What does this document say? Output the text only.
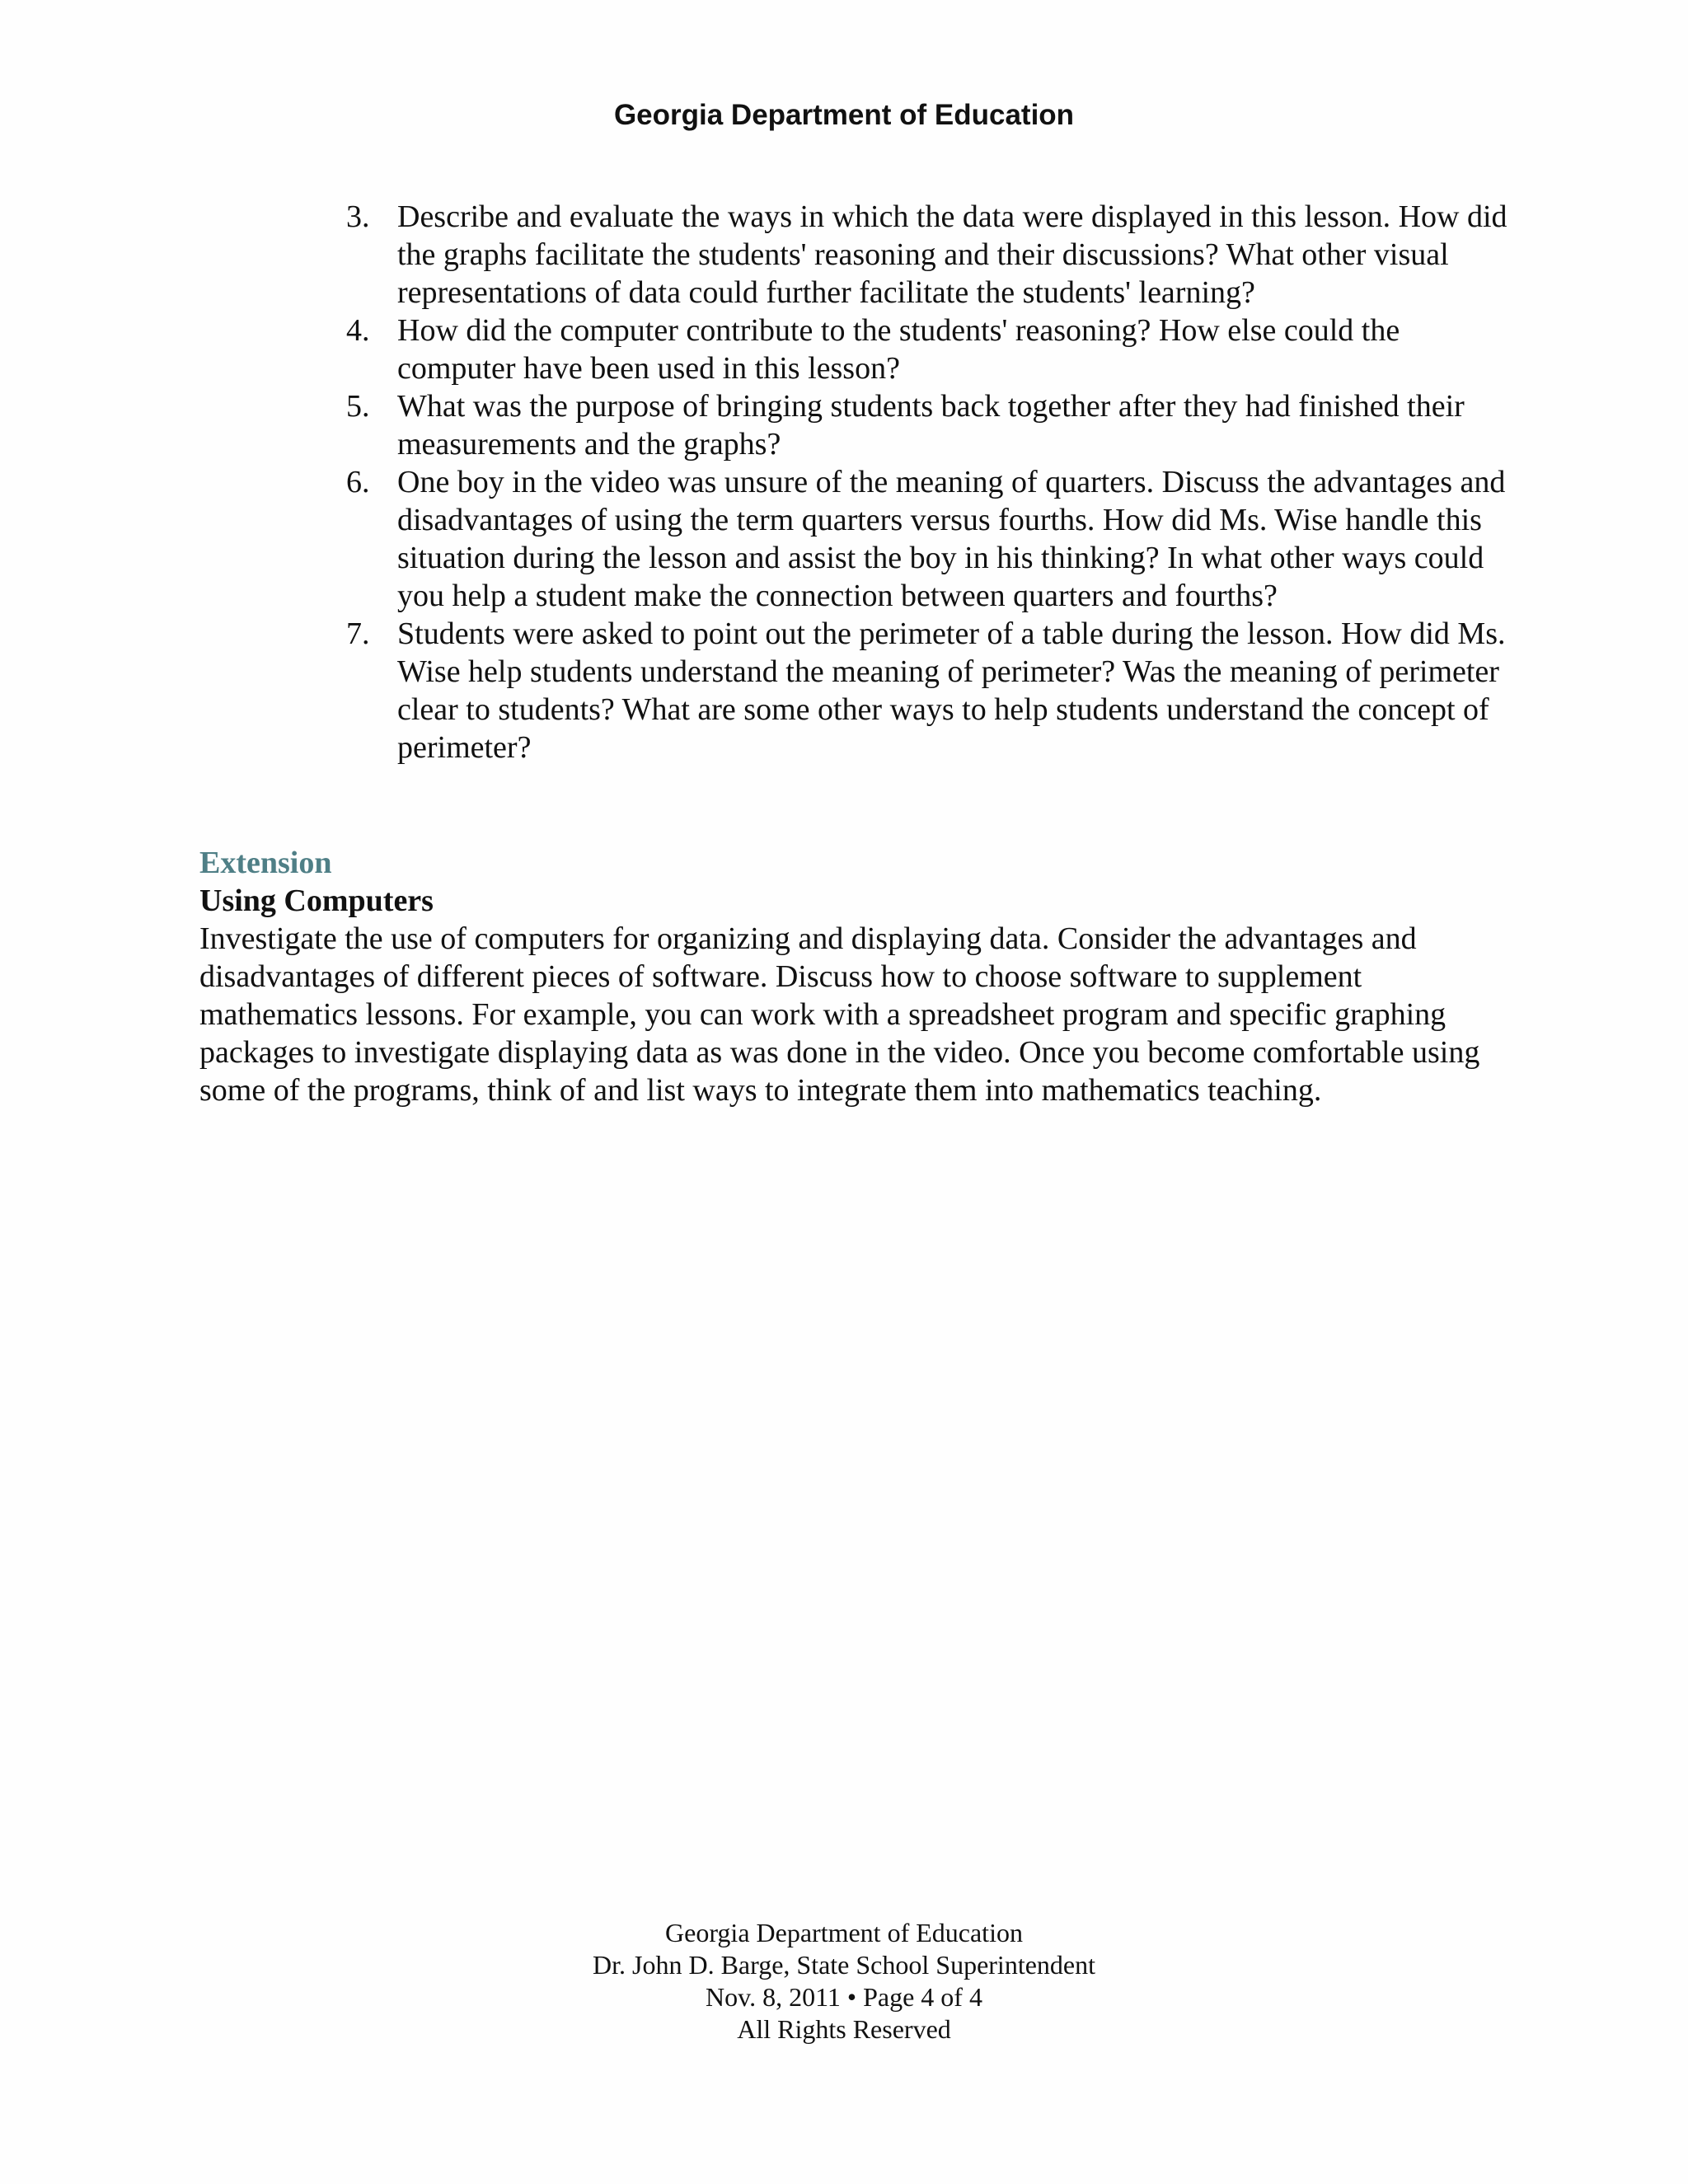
Georgia Department of Education
3. Describe and evaluate the ways in which the data were displayed in this lesson. How did the graphs facilitate the students' reasoning and their discussions? What other visual representations of data could further facilitate the students' learning?
4. How did the computer contribute to the students' reasoning? How else could the computer have been used in this lesson?
5. What was the purpose of bringing students back together after they had finished their measurements and the graphs?
6. One boy in the video was unsure of the meaning of quarters. Discuss the advantages and disadvantages of using the term quarters versus fourths. How did Ms. Wise handle this situation during the lesson and assist the boy in his thinking? In what other ways could you help a student make the connection between quarters and fourths?
7. Students were asked to point out the perimeter of a table during the lesson. How did Ms. Wise help students understand the meaning of perimeter? Was the meaning of perimeter clear to students? What are some other ways to help students understand the concept of perimeter?
Extension
Using Computers

Investigate the use of computers for organizing and displaying data. Consider the advantages and disadvantages of different pieces of software. Discuss how to choose software to supplement mathematics lessons. For example, you can work with a spreadsheet program and specific graphing packages to investigate displaying data as was done in the video. Once you become comfortable using some of the programs, think of and list ways to integrate them into mathematics teaching.

Georgia Department of Education
Dr. John D. Barge, State School Superintendent
Nov. 8, 2011 • Page 4 of 4
All Rights Reserved
